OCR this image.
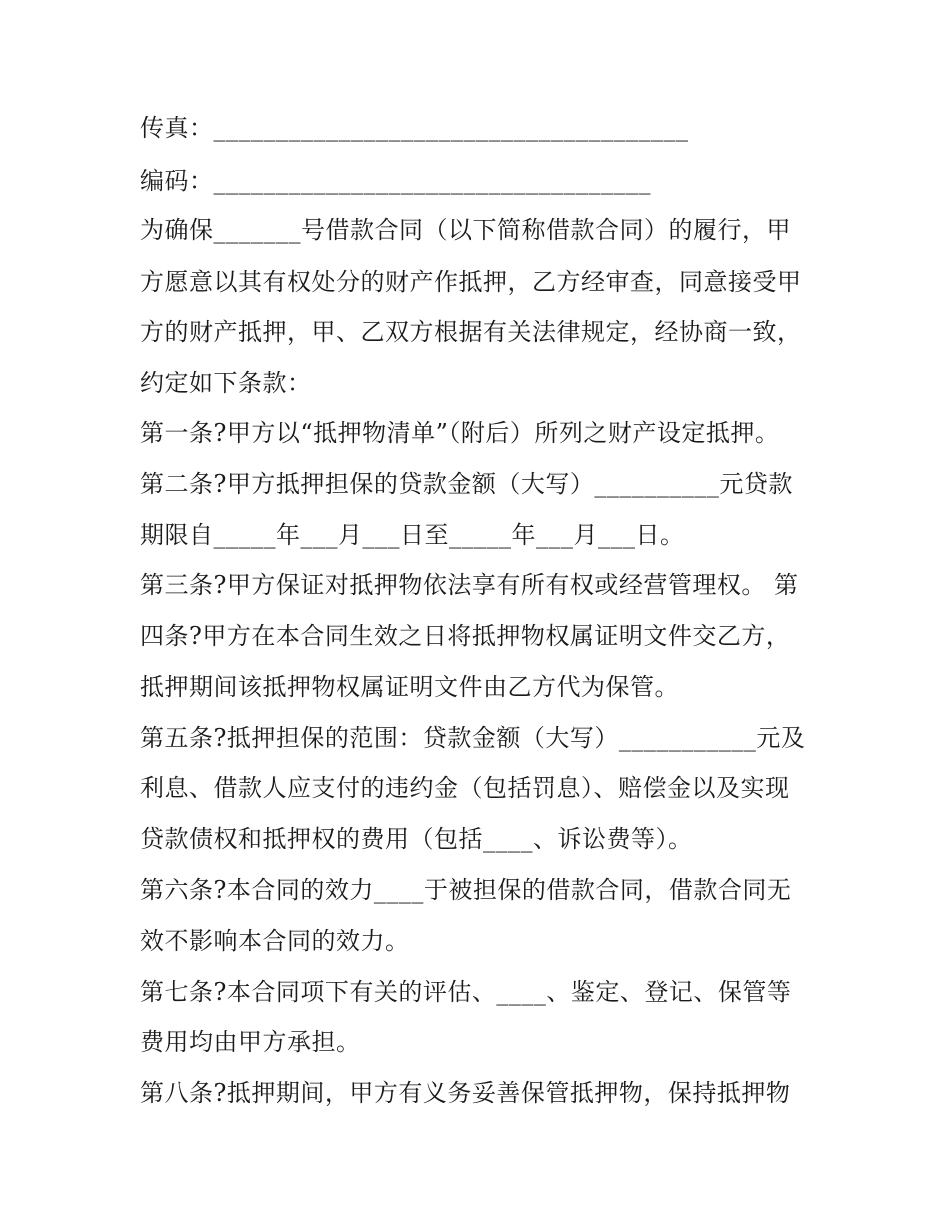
传真：______________________________________
编码：___________________________________
为确保_______号借款合同（以下简称借款合同）的履行，甲
方愿意以其有权处分的财产作抵押，乙方经审查，同意接受甲
方的财产抵押，甲、乙双方根据有关法律规定，经协商一致，
约定如下条款：
第一条?甲方以“抵押物清单”（附后）所列之财产设定抵押。
第二条?甲方抵押担保的贷款金额（大写）__________元贷款
期限自_____年___月___日至_____年___月___日。
第三条?甲方保证对抵押物依法享有所有权或经营管理权。 第
四条?甲方在本合同生效之日将抵押物权属证明文件交乙方，
抵押期间该抵押物权属证明文件由乙方代为保管。
第五条?抵押担保的范围：贷款金额（大写）___________元及
利息、借款人应支付的违约金（包括罚息）、赔偿金以及实现
贷款债权和抵押权的费用（包括____、诉讼费等）。
第六条?本合同的效力____于被担保的借款合同，借款合同无
效不影响本合同的效力。
第七条?本合同项下有关的评估、____、鉴定、登记、保管等
费用均由甲方承担。
第八条?抵押期间，甲方有义务妥善保管抵押物，保持抵押物
